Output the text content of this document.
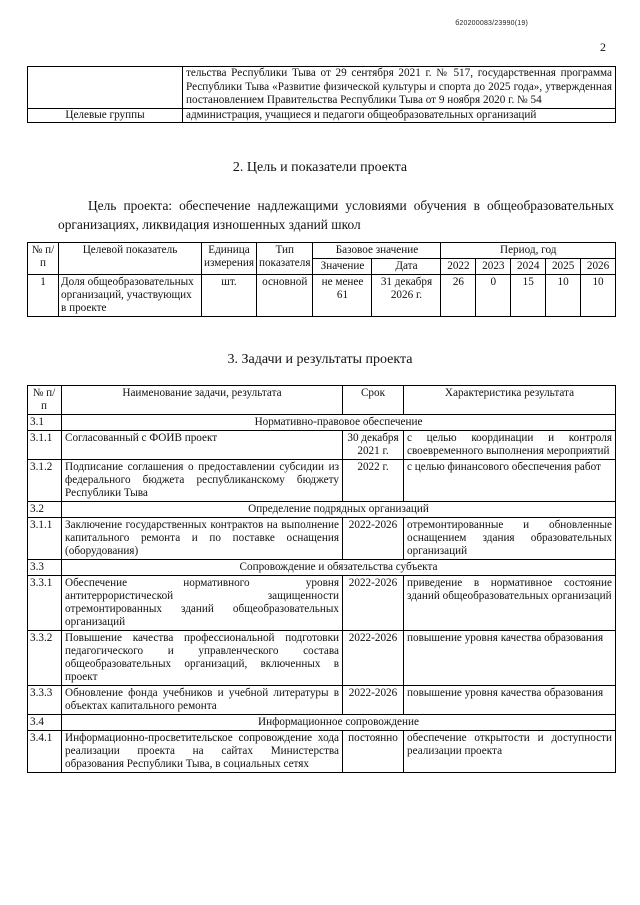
б20200083/23990(19)
2
	тельства Республики Тыва от 29 сентября 2021 г. № 517, государственная программа Республики Тыва «Развитие физической культуры и спорта до 2025 года», утвержденная постановлением Правительства Республики Тыва от 9 ноября 2020 г. № 54
Целевые группы	администрация, учащиеся и педагоги общеобразовательных организаций
2. Цель и показатели проекта
Цель проекта: обеспечение надлежащими условиями обучения в общеобразовательных организациях, ликвидация изношенных зданий школ
№ п/п	Целевой показатель	Единица измерения	Тип показателя	Базовое значение		Период, год				
				Значение	Дата	2022	2023	2024	2025	2026
1	Доля общеобразовательных организаций, участвующих в проекте	шт.	основной	не менее 61	31 декабря 2026 г.	26	0	15	10	10
3. Задачи и результаты проекта
№ п/п	Наименование задачи, результата	Срок	Характеристика результата
3.1	Нормативно-правовое обеспечение		
3.1.1	Согласованный с ФОИВ проект	30 декабря 2021 г.	с целью координации и контроля своевременного выполнения мероприятий
3.1.2	Подписание соглашения о предоставлении субсидии из федерального бюджета республиканскому бюджету Республики Тыва	2022 г.	с целью финансового обеспечения работ
3.2	Определение подрядных организаций		
3.1.1	Заключение государственных контрактов на выполнение капитального ремонта и по поставке оснащения (оборудования)	2022-2026	отремонтированные и обновленные оснащением здания образовательных организаций
3.3	Сопровождение и обязательства субъекта		
3.3.1	Обеспечение нормативного уровня антитеррористической защищенности отремонтированных зданий общеобразовательных организаций	2022-2026	приведение в нормативное состояние зданий общеобразовательных организаций
3.3.2	Повышение качества профессиональной подготовки педагогического и управленческого состава общеобразовательных организаций, включенных в проект	2022-2026	повышение уровня качества образования
3.3.3	Обновление фонда учебников и учебной литературы в объектах капитального ремонта	2022-2026	повышение уровня качества образования
3.4	Информационное сопровождение		
3.4.1	Информационно-просветительское сопровождение хода реализации проекта на сайтах Министерства образования Республики Тыва, в социальных сетях	постоянно	обеспечение открытости и доступности реализации проекта
